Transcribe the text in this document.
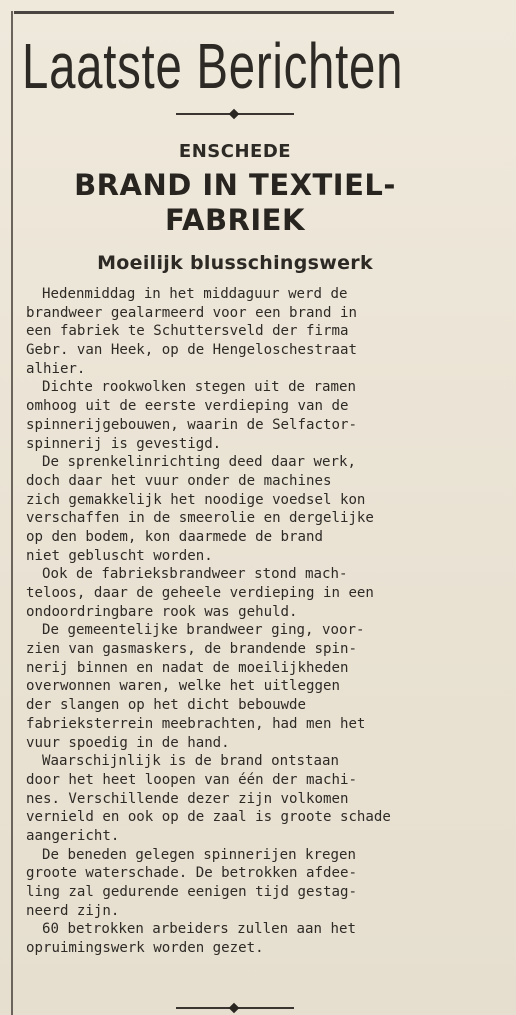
Laatste Berichten
ENSCHEDE
BRAND IN TEXTIEL-
FABRIEK
Moeilijk blusschingswerk
Hedenmiddag in het middaguur werd de
brandweer gealarmeerd voor een brand in
een fabriek te Schuttersveld der firma
Gebr. van Heek, op de Hengeloschestraat
alhier.
Dichte rookwolken stegen uit de ramen
omhoog uit de eerste verdieping van de
spinnerijgebouwen, waarin de Selfactor-
spinnerij is gevestigd.
De sprenkelinrichting deed daar werk,
doch daar het vuur onder de machines
zich gemakkelijk het noodige voedsel kon
verschaffen in de smeerolie en dergelijke
op den bodem, kon daarmede de brand
niet gebluscht worden.
Ook de fabrieksbrandweer stond mach-
teloos, daar de geheele verdieping in een
ondoordringbare rook was gehuld.
De gemeentelijke brandweer ging, voor-
zien van gasmaskers, de brandende spin-
nerij binnen en nadat de moeilijkheden
overwonnen waren, welke het uitleggen
der slangen op het dicht bebouwde
fabrieksterrein meebrachten, had men het
vuur spoedig in de hand.
Waarschijnlijk is de brand ontstaan
door het heet loopen van één der machi-
nes. Verschillende dezer zijn volkomen
vernield en ook op de zaal is groote schade
aangericht.
De beneden gelegen spinnerijen kregen
groote waterschade. De betrokken afdee-
ling zal gedurende eenigen tijd gestag-
neerd zijn.
60 betrokken arbeiders zullen aan het
opruimingswerk worden gezet.
